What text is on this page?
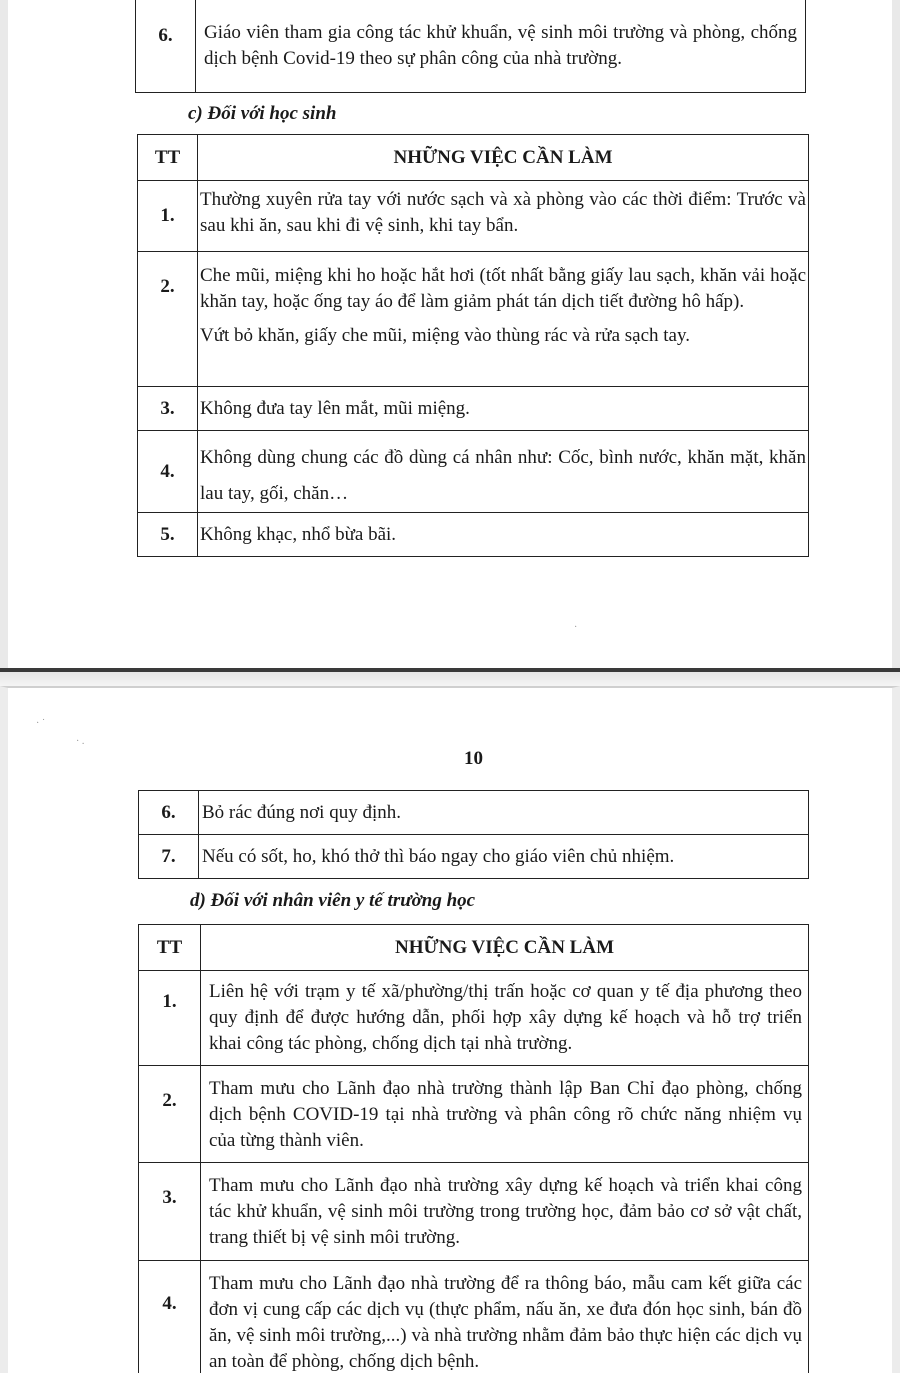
6.	Giáo viên tham gia công tác khử khuẩn, vệ sinh môi trường và phòng, chống dịch bệnh Covid-19 theo sự phân công của nhà trường.
c) Đối với học sinh
TT	NHỮNG VIỆC CẦN LÀM
1.	Thường xuyên rửa tay với nước sạch và xà phòng vào các thời điểm: Trước và sau khi ăn, sau khi đi vệ sinh, khi tay bẩn.

2.	Che mũi, miệng khi ho hoặc hắt hơi (tốt nhất bằng giấy lau sạch, khăn vải hoặc khăn tay, hoặc ống tay áo để làm giảm phát tán dịch tiết đường hô hấp).
Vứt bỏ khăn, giấy che mũi, miệng vào thùng rác và rửa sạch tay.

3.	Không đưa tay lên mắt, mũi miệng.

4.	Không dùng chung các đồ dùng cá nhân như: Cốc, bình nước, khăn mặt, khăn lau tay, gối, chăn…

5.	Không khạc, nhổ bừa bãi.
·
· ˙
· .
10
6.	Bỏ rác đúng nơi quy định.
7.	Nếu có sốt, ho, khó thở thì báo ngay cho giáo viên chủ nhiệm.
d) Đối với nhân viên y tế trường học
TT	NHỮNG VIỆC CẦN LÀM
1.	Liên hệ với trạm y tế xã/phường/thị trấn hoặc cơ quan y tế địa phương theo quy định để được hướng dẫn, phối hợp xây dựng kế hoạch và hỗ trợ triển khai công tác phòng, chống dịch tại nhà trường.
2.	Tham mưu cho Lãnh đạo nhà trường thành lập Ban Chỉ đạo phòng, chống dịch bệnh COVID-19 tại nhà trường và phân công rõ chức năng nhiệm vụ của từng thành viên.
3.	Tham mưu cho Lãnh đạo nhà trường xây dựng kế hoạch và triển khai công tác khử khuẩn, vệ sinh môi trường trong trường học, đảm bảo cơ sở vật chất, trang thiết bị vệ sinh môi trường.
4.	Tham mưu cho Lãnh đạo nhà trường để ra thông báo, mẫu cam kết giữa các đơn vị cung cấp các dịch vụ (thực phẩm, nấu ăn, xe đưa đón học sinh, bán đồ ăn, vệ sinh môi trường,...) và nhà trường nhằm đảm bảo thực hiện các dịch vụ an toàn để phòng, chống dịch bệnh.
